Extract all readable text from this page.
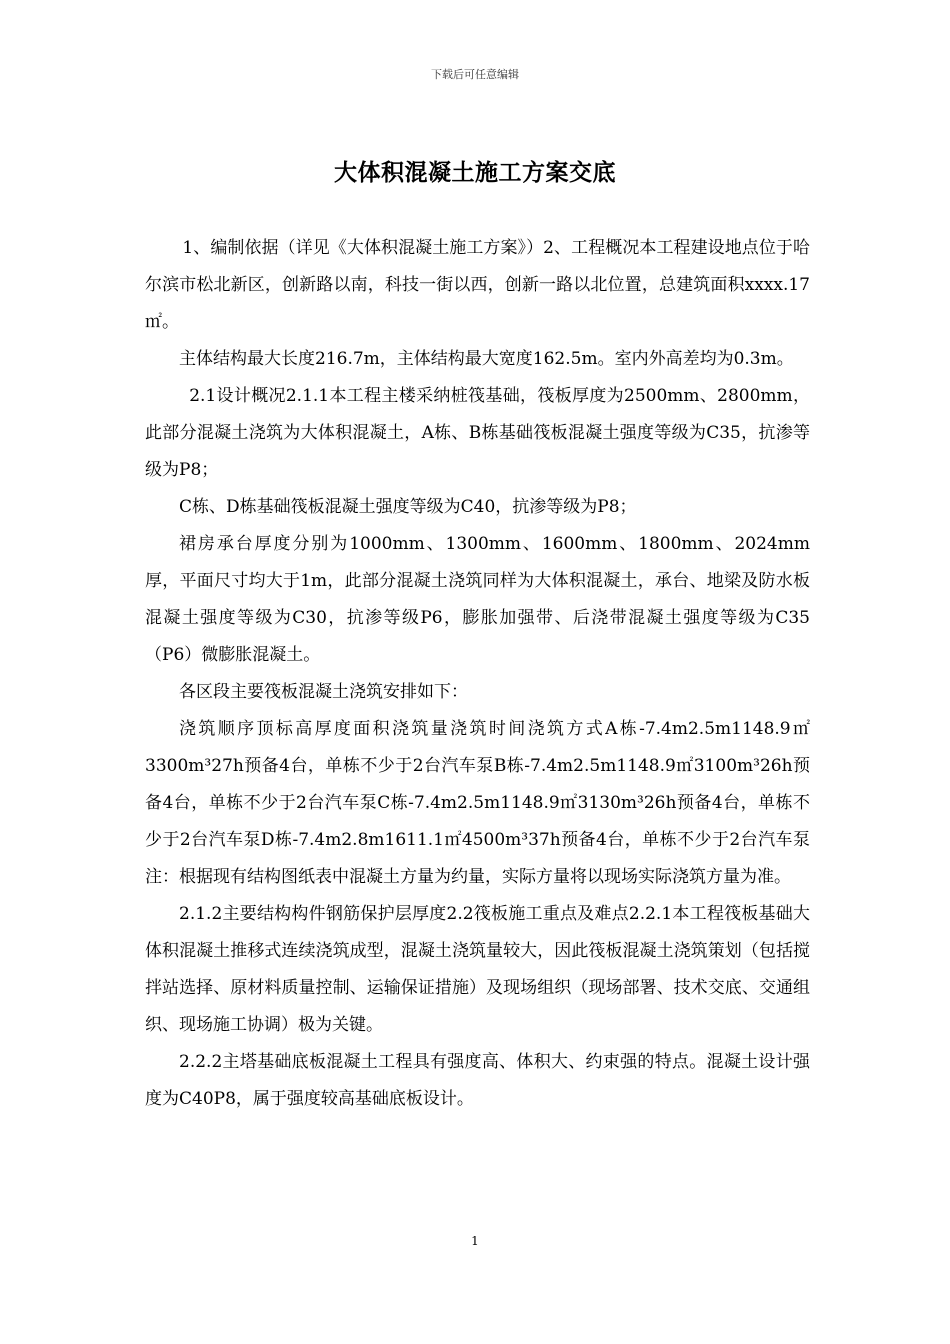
下载后可任意编辑
大体积混凝土施工方案交底

1、编制依据（详见《大体积混凝土施工方案》）2、工程概况本工程建设地点位于哈尔滨市松北新区，创新路以南，科技一街以西，创新一路以北位置，总建筑面积xxxx.17㎡。

主体结构最大长度216.7m，主体结构最大宽度162.5m。室内外高差均为0.3m。

2.1设计概况2.1.1本工程主楼采纳桩筏基础，筏板厚度为2500mm、2800mm，此部分混凝土浇筑为大体积混凝土，A栋、B栋基础筏板混凝土强度等级为C35，抗渗等级为P8；

C栋、D栋基础筏板混凝土强度等级为C40，抗渗等级为P8；

裙房承台厚度分别为1000mm、1300mm、1600mm、1800mm、2024mm厚，平面尺寸均大于1m，此部分混凝土浇筑同样为大体积混凝土，承台、地梁及防水板混凝土强度等级为C30，抗渗等级P6，膨胀加强带、后浇带混凝土强度等级为C35（P6）微膨胀混凝土。

各区段主要筏板混凝土浇筑安排如下：

浇筑顺序顶标高厚度面积浇筑量浇筑时间浇筑方式A栋-7.4m2.5m1148.9㎡3300m³27h预备4台，单栋不少于2台汽车泵B栋-7.4m2.5m1148.9㎡3100m³26h预备4台，单栋不少于2台汽车泵C栋-7.4m2.5m1148.9㎡3130m³26h预备4台，单栋不少于2台汽车泵D栋-7.4m2.8m1611.1㎡4500m³37h预备4台，单栋不少于2台汽车泵注：根据现有结构图纸表中混凝土方量为约量，实际方量将以现场实际浇筑方量为准。

2.1.2主要结构构件钢筋保护层厚度2.2筏板施工重点及难点2.2.1本工程筏板基础大体积混凝土推移式连续浇筑成型，混凝土浇筑量较大，因此筏板混凝土浇筑策划（包括搅拌站选择、原材料质量控制、运输保证措施）及现场组织（现场部署、技术交底、交通组织、现场施工协调）极为关键。

2.2.2主塔基础底板混凝土工程具有强度高、体积大、约束强的特点。混凝土设计强度为C40P8，属于强度较高基础底板设计。

1
